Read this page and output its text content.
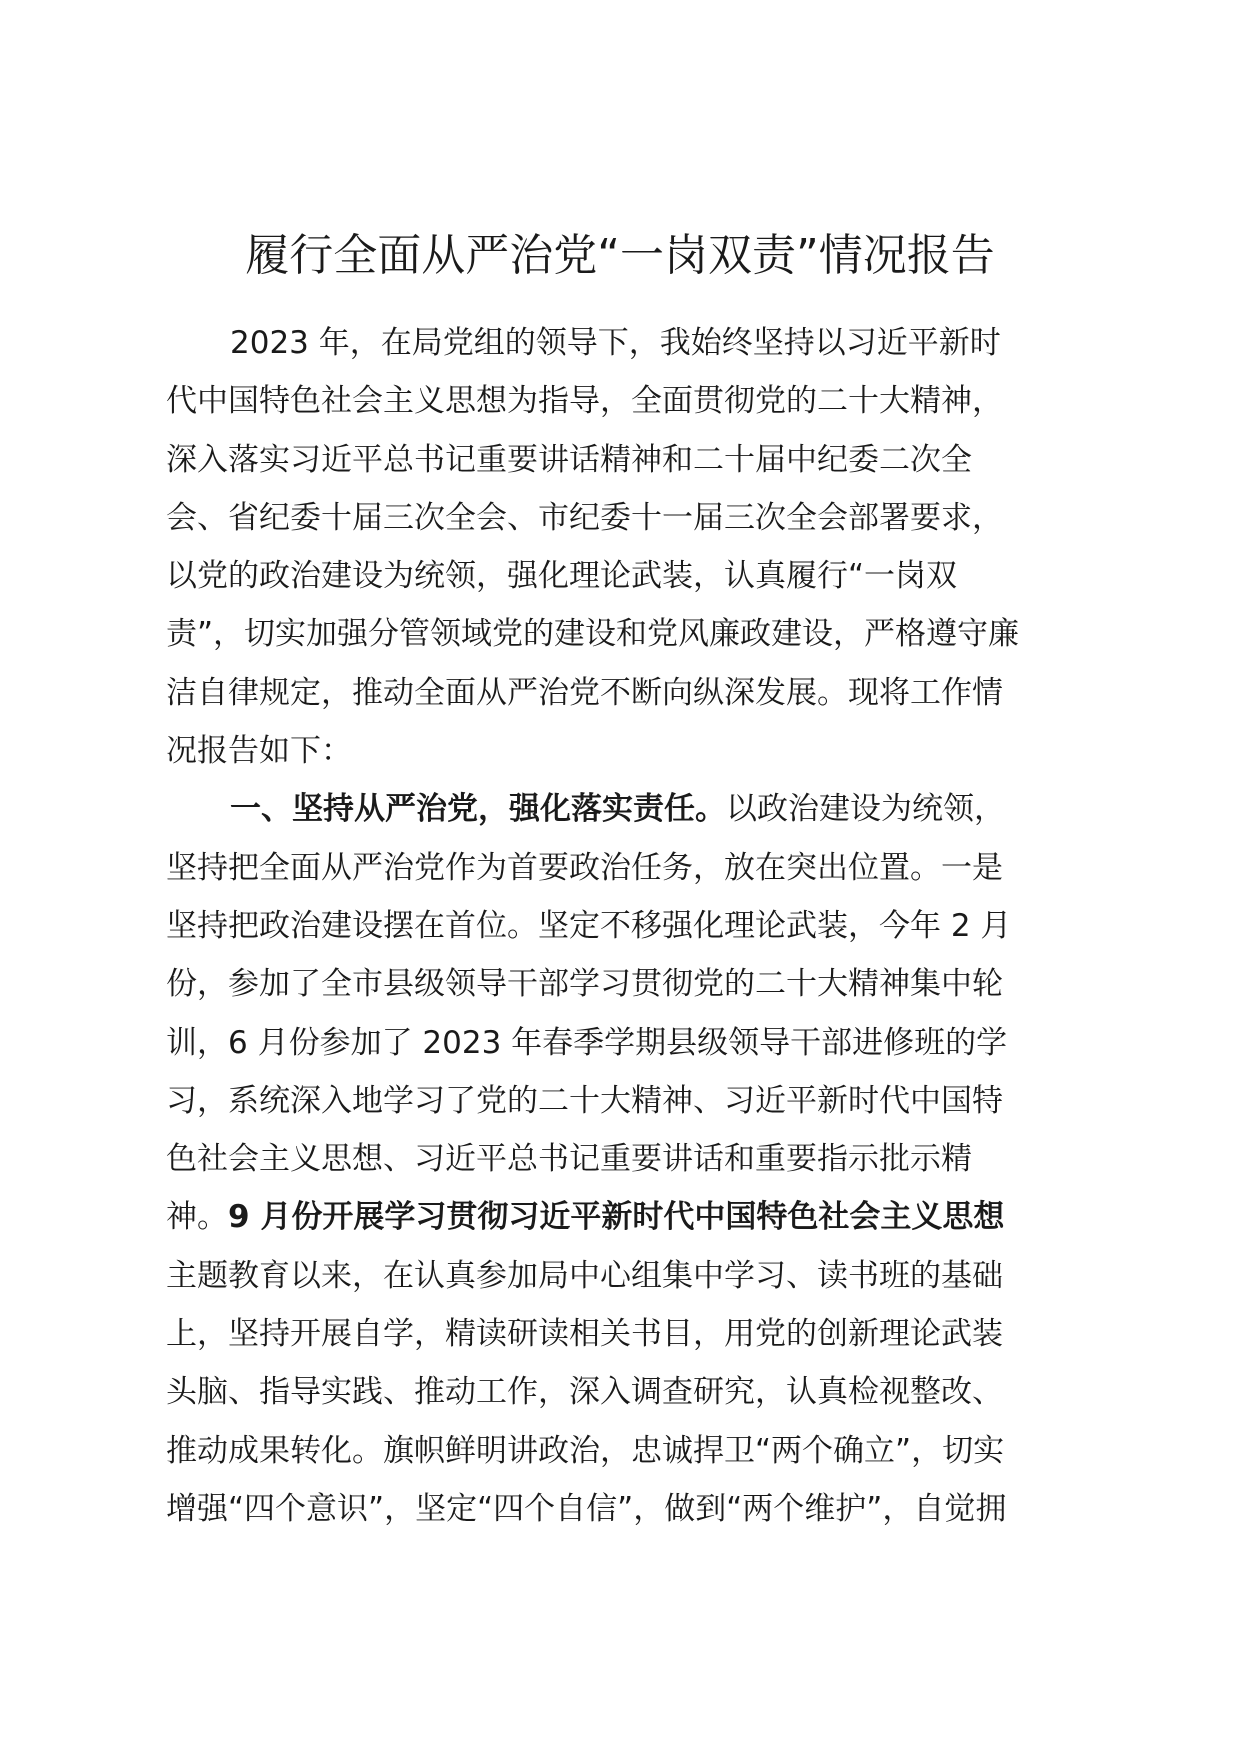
履行全面从严治党“一岗双责”情况报告

2023 年，在局党组的领导下，我始终坚持以习近平新时

代中国特色社会主义思想为指导，全面贯彻党的二十大精神，

深入落实习近平总书记重要讲话精神和二十届中纪委二次全

会、省纪委十届三次全会、市纪委十一届三次全会部署要求，

以党的政治建设为统领，强化理论武装，认真履行“一岗双

责”，切实加强分管领域党的建设和党风廉政建设，严格遵守廉

洁自律规定，推动全面从严治党不断向纵深发展。现将工作情

况报告如下：

一、坚持从严治党，强化落实责任。以政治建设为统领，

坚持把全面从严治党作为首要政治任务，放在突出位置。一是

坚持把政治建设摆在首位。坚定不移强化理论武装，今年 2 月

份，参加了全市县级领导干部学习贯彻党的二十大精神集中轮

训，6 月份参加了 2023 年春季学期县级领导干部进修班的学

习，系统深入地学习了党的二十大精神、习近平新时代中国特

色社会主义思想、习近平总书记重要讲话和重要指示批示精

神。9 月份开展学习贯彻习近平新时代中国特色社会主义思想

主题教育以来，在认真参加局中心组集中学习、读书班的基础

上，坚持开展自学，精读研读相关书目，用党的创新理论武装

头脑、指导实践、推动工作，深入调查研究，认真检视整改、

推动成果转化。旗帜鲜明讲政治，忠诚捍卫“两个确立”，切实

增强“四个意识”，坚定“四个自信”，做到“两个维护”，自觉拥
